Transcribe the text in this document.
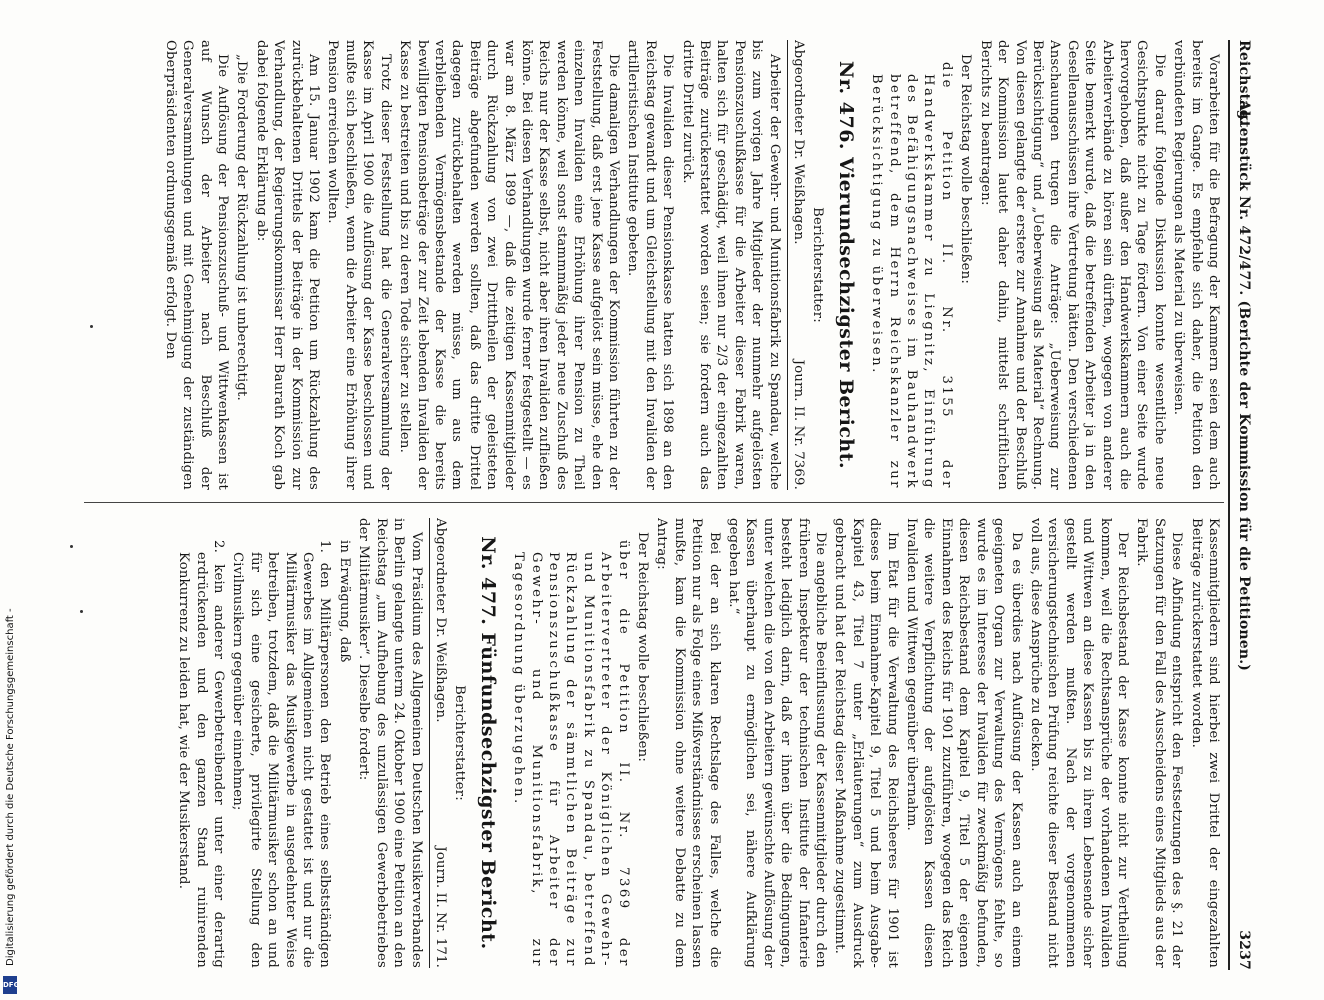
Reichstag.
Aktenstück Nr. 472/477. (Berichte der Kommission für die Petitionen.)
3237

Vorarbeiten für die Befragung der Kammern seien dem auch bereits im Gange. Es empfehle sich daher, die Petition den verbündeten Regierungen als Material zu überweisen.

Die darauf folgende Diskussion konnte wesentliche neue Gesichtspunkte nicht zu Tage fördern. Von einer Seite wurde hervorgehoben, daß außer den Handwerkskammern auch die Arbeiterverbände zu hören sein dürften, wogegen von anderer Seite bemerkt wurde, daß die betreffenden Arbeiter ja in den Gesellenausschüssen ihre Vertretung hätten. Den verschiedenen Anschauungen trugen die Anträge: „Ueberweisung zur Berücksichtigung“ und „Ueberweisung als Material“ Rechnung. Von diesen gelangte der erstere zur Annahme und der Beschluß der Kommission lautet daher dahin, mittelst schriftlichen Berichts zu beantragen:

Der Reichstag wolle beschließen:

die Petition II. Nr. 3155 der Handwerkskammer zu Liegnitz, Einführung des Befähigungsnachweises im Bauhandwerk betreffend, dem Herrn Reichskanzler zur Berücksichtigung zu überweisen.

Nr. 476. Vierundsechzigster Bericht.

Berichterstatter:

Abgeordneter Dr. Weißhagen.
Journ. II. Nr. 7369.

Arbeiter der Gewehr- und Munitionsfabrik zu Spandau, welche bis zum vorigen Jahre Mitglieder der nunmehr aufgelösten Pensionszuschußkasse für die Arbeiter dieser Fabrik waren, halten sich für geschädigt, weil ihnen nur 2/3 der eingezahlten Beiträge zurückerstattet worden seien; sie fordern auch das dritte Drittel zurück.

Die Invaliden dieser Pensionskasse hatten sich 1898 an den Reichstag gewandt und um Gleichstellung mit den Invaliden der artilleristischen Institute gebeten.

Die damaligen Verhandlungen der Kommission führten zu der Feststellung, daß erst jene Kasse aufgelöst sein müsse, ehe den einzelnen Invaliden eine Erhöhung ihrer Pension zu Theil werden könne, weil sonst stammmäßig jeder neue Zuschuß des Reichs nur der Kasse selbst, nicht aber ihren Invaliden zufließen könne. Bei diesen Verhandlungen wurde ferner festgestellt — es war am 8. März 1899 —, daß die zeitigen Kassenmitglieder durch Rückzahlung von zwei Dritttheilen der geleisteten Beiträge abgefunden werden sollten, daß das dritte Drittel dagegen zurückbehalten werden müsse, um aus dem verbleibenden Vermögensbestande der Kasse die bereits bewilligten Pensionsbeträge der zur Zeit lebenden Invaliden der Kasse zu bestreiten und bis zu deren Tode sicher zu stellen.

Trotz dieser Feststellung hat die Generalversammlung der Kasse im April 1900 die Auflösung der Kasse beschlossen und mußte sich beschließen, wenn die Arbeiter eine Erhöhung ihrer Pension erreichen wollten.

Am 15. Januar 1902 kam die Petition um Rückzahlung des zurückbehaltenen Drittels der Beiträge in der Kommission zur Verhandlung, der Regierungskommissar Herr Baurath Koch gab dabei folgende Erklärung ab:

„Die Forderung der Rückzahlung ist unberechtigt.

Die Auflösung der Pensionszuschuß- und Wittwenkassen ist auf Wunsch der Arbeiter nach Beschluß der Generalversammlungen und mit Genehmigung der zuständigen Oberpräsidenten ordnungsgemäß erfolgt. Den

Kassenmitgliedern sind hierbei zwei Drittel der eingezahlten Beiträge zurückerstattet worden.

Diese Abfindung entspricht den Festsetzungen des §. 21 der Satzungen für den Fall des Ausscheidens eines Mitglieds aus der Fabrik.

Der Reichsbestand der Kasse konnte nicht zur Vertheilung kommen, weil die Rechtsansprüche der vorhandenen Invaliden und Wittwen an diese Kassen bis zu ihrem Lebensende sicher gestellt werden mußten. Nach der vorgenommenen versicherungstechnischen Prüfung reichte dieser Bestand nicht voll aus, diese Ansprüche zu decken.

Da es überdies nach Auflösung der Kassen auch an einem geeigneten Organ zur Verwaltung des Vermögens fehlte, so wurde es im Interesse der Invaliden für zweckmäßig befunden, diesen Reichsbestand dem Kapitel 9, Titel 5 der eigenen Einnahmen des Reichs für 1901 zuzuführen, wogegen das Reich die weitere Verpflichtung der aufgelösten Kassen diesen Invaliden und Wittwen gegenüber übernahm.

Im Etat für die Verwaltung des Reichsheeres für 1901 ist dieses beim Einnahme-Kapitel 9, Titel 5 und beim Ausgabe-Kapitel 43, Titel 7 unter „Erläuterungen“ zum Ausdruck gebracht und hat der Reichstag dieser Maßnahme zugestimmt.

Die angebliche Beeinflussung der Kassenmitglieder durch den früheren Inspekteur der technischen Institute der Infanterie besteht lediglich darin, daß er ihnen über die Bedingungen, unter welchen die von den Arbeitern gewünschte Auflösung der Kassen überhaupt zu ermöglichen sei, nähere Aufklärung gegeben hat.“

Bei der an sich klaren Rechtslage des Falles, welche die Petition nur als Folge eines Mißverständnisses erscheinen lassen mußte, kam die Kommission ohne weitere Debatte zu dem Antrag:

Der Reichstag wolle beschließen:

über die Petition II. Nr. 7369 der Arbeitervertreter der Königlichen Gewehr- und Munitionsfabrik zu Spandau, betreffend Rückzahlung der sämmtlichen Beiträge zur Pensionszuschußkasse für Arbeiter der Gewehr- und Munitionsfabrik, zur Tagesordnung überzugehen.

Nr. 477. Fünfundsechzigster Bericht.

Berichterstatter:

Abgeordneter Dr. Weißhagen.
Journ. II. Nr. 171.

Vom Präsidium des Allgemeinen Deutschen Musikerverbandes in Berlin gelangte unterm 24. Oktober 1900 eine Petition an den Reichstag „um Aufhebung des unzulässigen Gewerbebetriebes der Militärmusiker“. Dieselbe fordert:

in Erwägung, daß

1. den Militärpersonen den Betrieb eines selbstständigen Gewerbes im Allgemeinen nicht gestattet ist und nur die Militärmusiker das Musikgewerbe in ausgedehnter Weise betreiben, trotzdem, daß die Militärmusiker schon an und für sich eine gesicherte, privilegirte Stellung den Civilmusikern gegenüber einnehmen;

2. kein anderer Gewerbetreibender unter einer derartig erdrückenden und den ganzen Stand ruinirenden Konkurrenz zu leiden hat, wie der Musikerstand.

Digitalisierung gefördert durch die Deutsche Forschungsgemeinschaft -
DFG
